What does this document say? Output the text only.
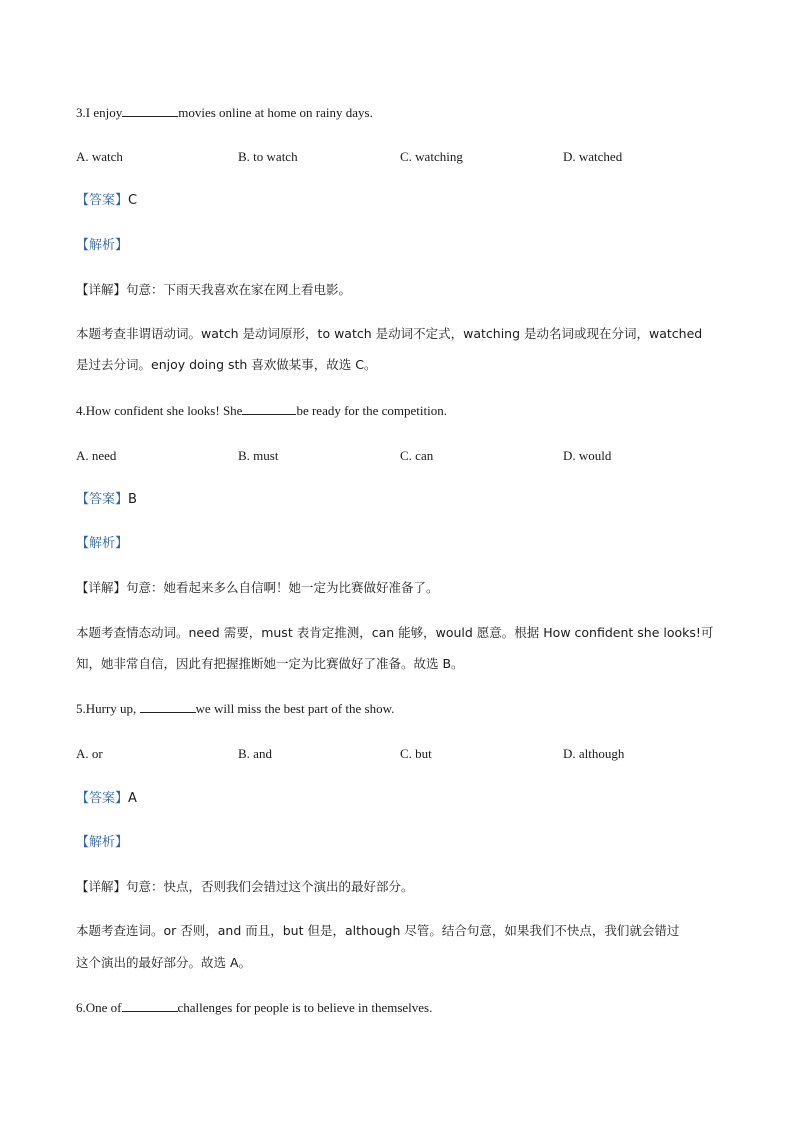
3.I enjoy	movies online at home on rainy days.
A. watch	B. to watch	C. watching	D. watched
【答案】C
【解析】
【详解】句意：下雨天我喜欢在家在网上看电影。
本题考查非谓语动词。watch 是动词原形，to watch 是动词不定式，watching 是动名词或现在分词，watched
是过去分词。enjoy doing sth 喜欢做某事，故选 C。
4.How confident she looks! She	be ready for the competition.
A. need	B. must	C. can	D. would
【答案】B
【解析】
【详解】句意：她看起来多么自信啊！她一定为比赛做好准备了。
本题考查情态动词。need 需要，must 表肯定推测，can 能够，would 愿意。根据 How confident she looks!可
知，她非常自信，因此有把握推断她一定为比赛做好了准备。故选 B。
5.Hurry up,	we will miss the best part of the show.
A. or	B. and	C. but	D. although
【答案】A
【解析】
【详解】句意：快点，否则我们会错过这个演出的最好部分。
本题考查连词。or 否则，and 而且，but 但是，although 尽管。结合句意，如果我们不快点，我们就会错过
这个演出的最好部分。故选 A。
6.One of	challenges for people is to believe in themselves.
